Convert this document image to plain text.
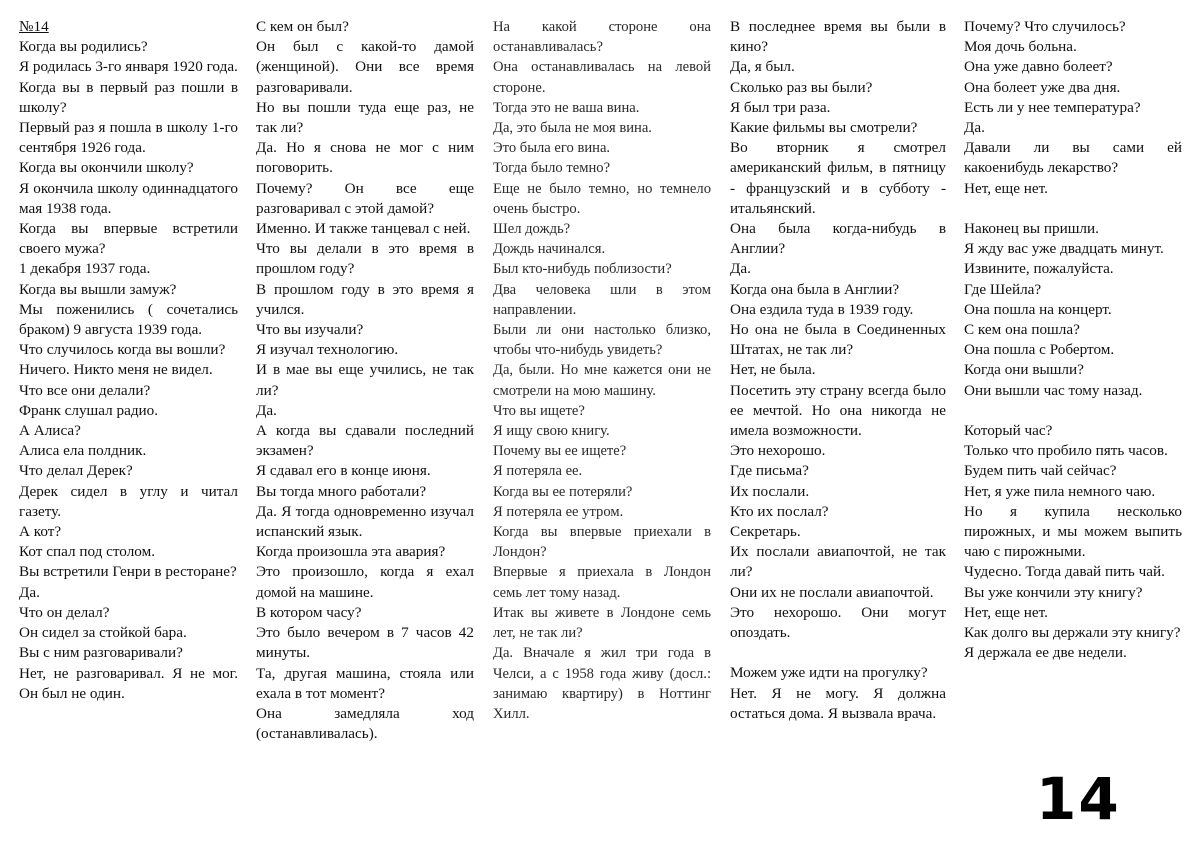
№14

Когда вы родились?

Я родилась 3-го января 1920 года.

Когда вы в первый раз пошли в школу?

Первый раз я пошла в школу 1-го сентября 1926 года.

Когда вы окончили школу?

Я окончила школу одиннадцатого мая 1938 года.

Когда вы впервые встретили своего мужа?

1 декабря 1937 года.

Когда вы вышли замуж?

Мы поженились ( сочетались браком) 9 августа 1939 года.

Что случилось когда вы вошли?

Ничего. Никто меня не видел.

Что все они делали?

Франк слушал радио.

А Алиса?

Алиса ела полдник.

Что делал Дерек?

Дерек сидел в углу и читал газету.

А кот?

Кот спал под столом.

Вы встретили Генри в ресторане?

Да.

Что он делал?

Он сидел за стойкой бара.

Вы с ним разговаривали?

Нет, не разговаривал. Я не мог. Он был не один.

С кем он был?

Он был с какой-то дамой (женщиной). Они все время разговаривали.

Но вы пошли туда еще раз, не так ли?

Да. Но я снова не мог с ним поговорить.

Почему? Он все еще разговаривал с этой дамой?

Именно. И также танцевал с ней.

Что вы делали в это время в прошлом году?

В прошлом году в это время я учился.

Что вы изучали?

Я изучал технологию.

И в мае вы еще учились, не так ли?

Да.

А когда вы сдавали последний экзамен?

Я сдавал его в конце июня.

Вы тогда много работали?

Да. Я тогда одновременно изучал испанский язык.

Когда произошла эта авария?

Это произошло, когда я ехал домой на машине.

В котором часу?

Это было вечером в 7 часов 42 минуты.

Та, другая машина, стояла или ехала в тот момент?

Она замедляла ход (останавливалась).

На какой стороне она останавливалась?

Она останавливалась на левой стороне.

Тогда это не ваша вина.

Да, это была не моя вина.

Это была его вина.

Тогда было темно?

Еще не было темно, но темнело очень быстро.

Шел дождь?

Дождь начинался.

Был кто-нибудь поблизости?

Два человека шли в этом направлении.

Были ли они настолько близко, чтобы что-нибудь увидеть?

Да, были. Но мне кажется они не смотрели на мою машину.

Что вы ищете?

Я ищу свою книгу.

Почему вы ее ищете?

Я потеряла ее.

Когда вы ее потеряли?

Я потеряла ее утром.

Когда вы впервые приехали в Лондон?

Впервые я приехала в Лондон семь лет тому назад.

Итак вы живете в Лондоне семь лет, не так ли?

Да. Вначале я жил три года в Челси, а с 1958 года живу (досл.: занимаю квартиру) в Ноттинг Хилл.

В последнее время вы были в кино?

Да, я был.

Сколько раз вы были?

Я был три раза.

Какие фильмы вы смотрели?

Во вторник я смотрел американский фильм, в пятницу - французский и в субботу - итальянский.

Она была когда-нибудь в Англии?

Да.

Когда она была в Англии?

Она ездила туда в 1939 году.

Но она не была в Соединенных Штатах, не так ли?

Нет, не была.

Посетить эту страну всегда было ее мечтой. Но она никогда не имела возможности.

Это нехорошо.

Где письма?

Их послали.

Кто их послал?

Секретарь.

Их послали авиапочтой, не так ли?

Они их не послали авиапочтой.

Это нехорошо. Они могут опоздать.

Можем уже идти на прогулку?

Нет. Я не могу. Я должна остаться дома. Я вызвала врача.

Почему? Что случилось?

Моя дочь больна.

Она уже давно болеет?

Она болеет уже два дня.

Есть ли у нее температура?

Да.

Давали ли вы сами ей какоенибудь лекарство?

Нет, еще нет.

Наконец вы пришли.

Я жду вас уже двадцать минут.

Извините, пожалуйста.

Где Шейла?

Она пошла на концерт.

С кем она пошла?

Она пошла с Робертом.

Когда они вышли?

Они вышли час тому назад.

Который час?

Только что пробило пять часов.

Будем пить чай сейчас?

Нет, я уже пила немного чаю.

Но я купила несколько пирожных, и мы можем выпить чаю с пирожными.

Чудесно. Тогда давай пить чай.

Вы уже кончили эту книгу?

Нет, еще нет.

Как долго вы держали эту книгу?

Я держала ее две недели.

14
